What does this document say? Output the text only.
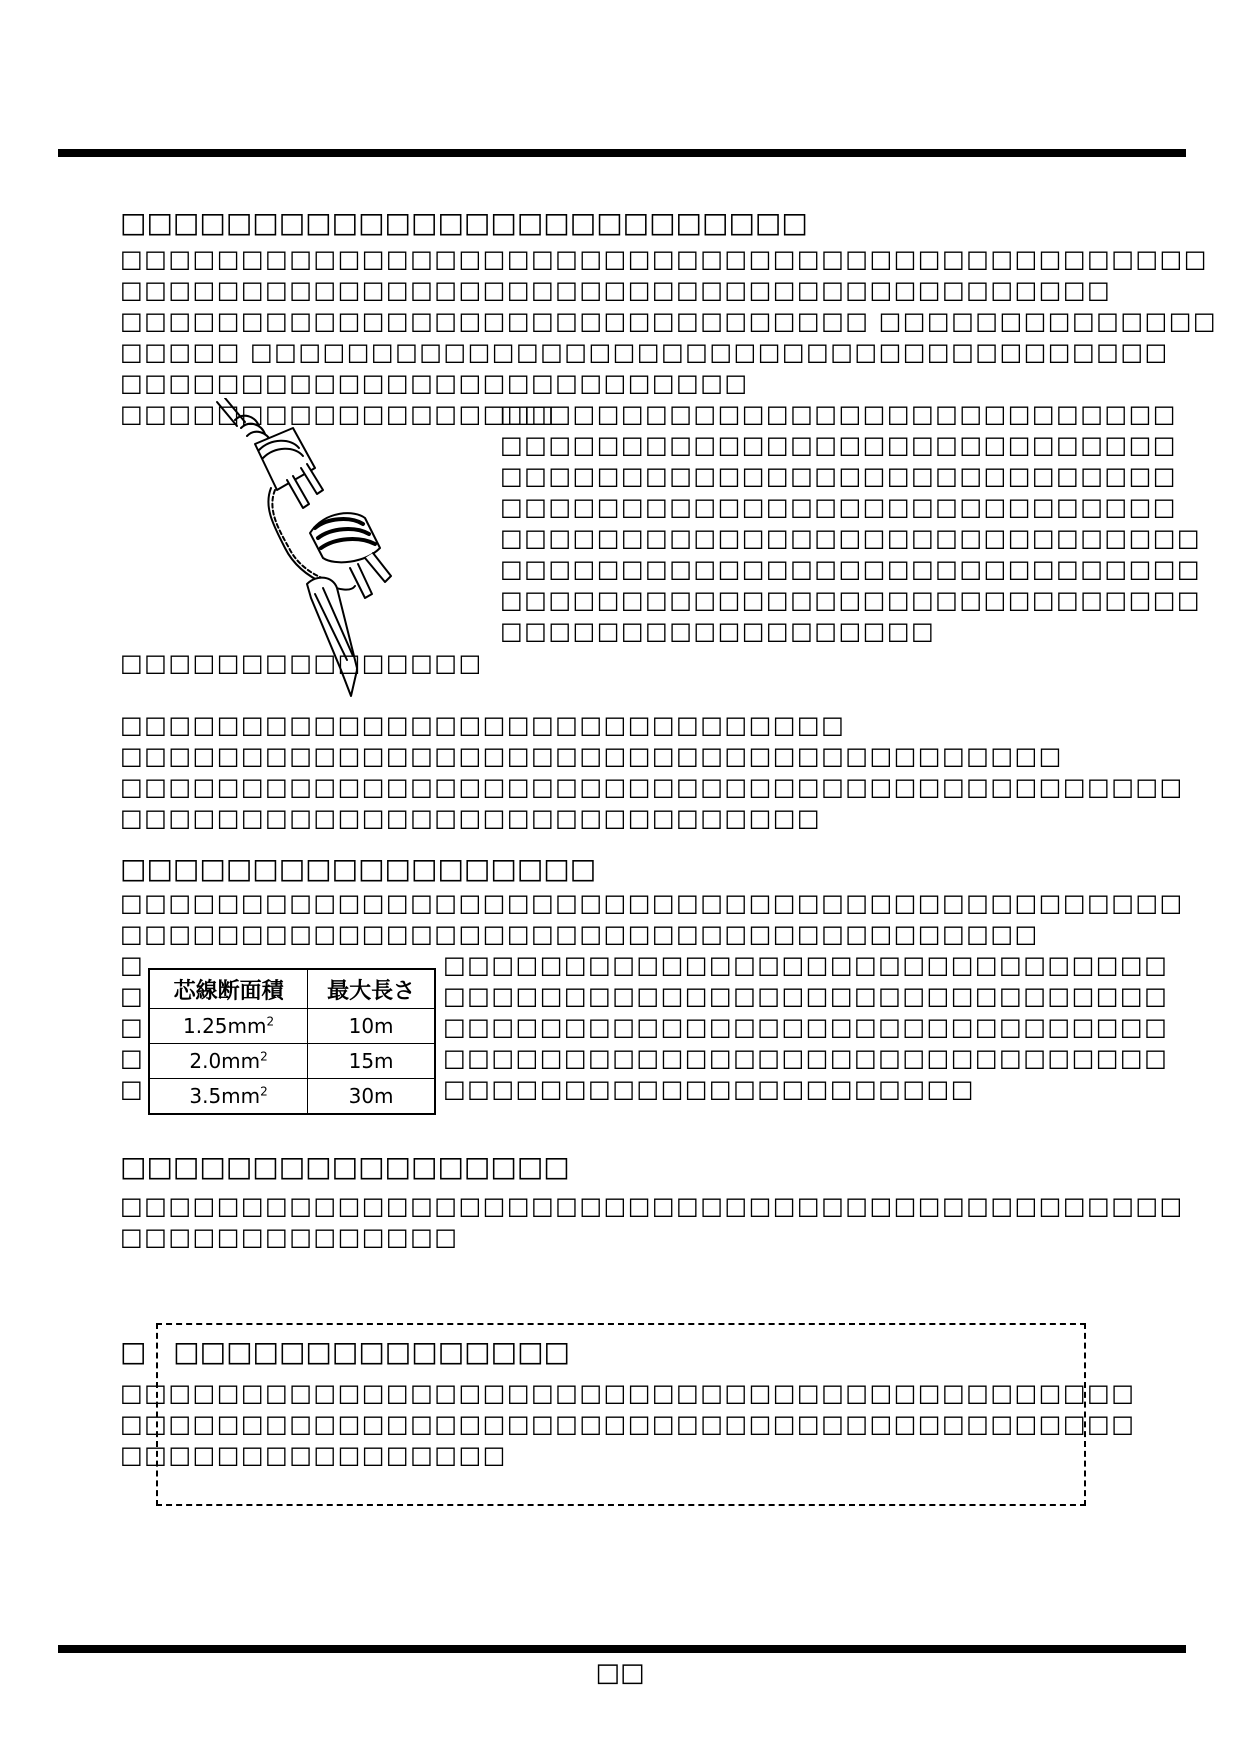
□□□□□□□□□□□□□□□□□□□□□□□□□□
□□□□□□□□□□□□□□□□□□□□□□□□□□□□□□□□□□□□□□□□□□□□□
□□□□□□□□□□□□□□□□□□□□□□□□□□□□□□□□□□□□□□□□□
□□□□□□□□□□□□□□□□□□□□□□□□□□□□□□□ □□□□□□□□□□□□□□
□□□□□ □□□□□□□□□□□□□□□□□□□□□□□□□□□□□□□□□□□□□□
□□□□□□□□□□□□□□□□□□□□□□□□□□
□□□□□□□□□□□□□□□□□□
□□□□□□□□□□□□□□□□□□□□□□□□□□□□
□□□□□□□□□□□□□□□□□□□□□□□□□□□□
□□□□□□□□□□□□□□□□□□□□□□□□□□□□
□□□□□□□□□□□□□□□□□□□□□□□□□□□□
□□□□□□□□□□□□□□□□□□□□□□□□□□□□□
□□□□□□□□□□□□□□□□□□□□□□□□□□□□□
□□□□□□□□□□□□□□□□□□□□□□□□□□□□□
□□□□□□□□□□□□□□□□□□
□□□□□□□□□□□□□□□
□□□□□□□□□□□□□□□□□□□□□□□□□□□□□□
□□□□□□□□□□□□□□□□□□□□□□□□□□□□□□□□□□□□□□□
□□□□□□□□□□□□□□□□□□□□□□□□□□□□□□□□□□□□□□□□□□□□
□□□□□□□□□□□□□□□□□□□□□□□□□□□□□
□□□□□□□□□□□□□□□□□□
□□□□□□□□□□□□□□□□□□□□□□□□□□□□□□□□□□□□□□□□□□□□
□□□□□□□□□□□□□□□□□□□□□□□□□□□□□□□□□□□□□□
□
□
□
□
□
芯線断面積	最大長さ
$1.25mm^2$	10m
$2.0mm^2$	15m
$3.5mm^2$	30m
□□□□□□□□□□□□□□□□□□□□□□□□□□□□□□
□□□□□□□□□□□□□□□□□□□□□□□□□□□□□□
□□□□□□□□□□□□□□□□□□□□□□□□□□□□□□
□□□□□□□□□□□□□□□□□□□□□□□□□□□□□□
□□□□□□□□□□□□□□□□□□□□□□
□□□□□□□□□□□□□□□□□
□□□□□□□□□□□□□□□□□□□□□□□□□□□□□□□□□□□□□□□□□□□□
□□□□□□□□□□□□□□
□   □□□□□□□□□□□□□□□
□□□□□□□□□□□□□□□□□□□□□□□□□□□□□□□□□□□□□□□□□□
□□□□□□□□□□□□□□□□□□□□□□□□□□□□□□□□□□□□□□□□□□
□□□□□□□□□□□□□□□□
□□
